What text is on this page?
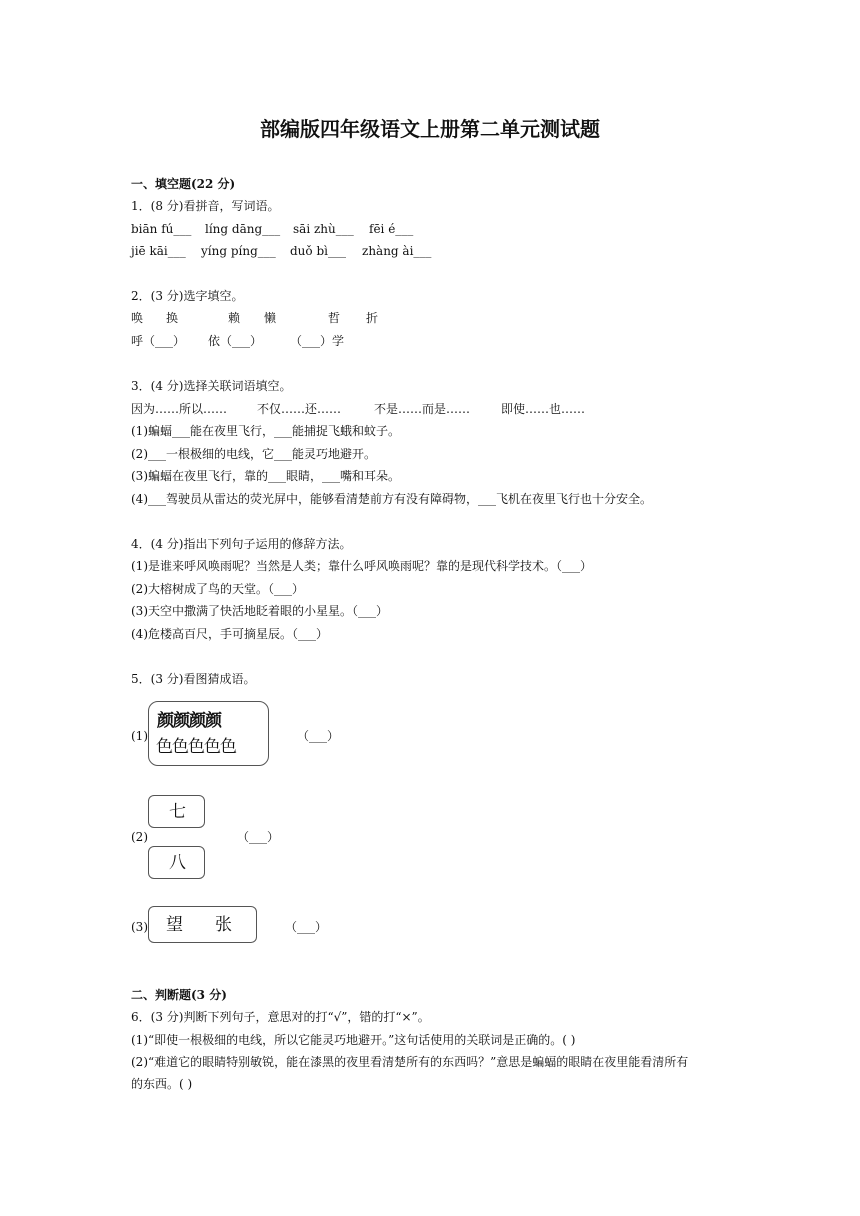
部编版四年级语文上册第二单元测试题
一、填空题(22 分)
1．(8 分)看拼音，写词语。
biān fú___ líng dāng___ sāi zhù___ fēi é___
jiē kāi___ yíng píng___ duǒ bì___ zhàng ài___
2．(3 分)选字填空。
唤 换	赖 懒	哲 折
呼（___） 依（___） （___）学
3．(4 分)选择关联词语填空。
因为……所以…… 不仅……还……	不是……而是……	即使……也……
(1)蝙蝠___能在夜里飞行，___能捕捉飞蛾和蚊子。
(2)___一根极细的电线，它___能灵巧地避开。
(3)蝙蝠在夜里飞行，靠的___眼睛，___嘴和耳朵。
(4)___驾驶员从雷达的荧光屏中，能够看清楚前方有没有障碍物，___飞机在夜里飞行也十分安全。
4．(4 分)指出下列句子运用的修辞方法。
(1)是谁来呼风唤雨呢？当然是人类；靠什么呼风唤雨呢？靠的是现代科学技术。（___）
(2)大榕树成了鸟的天堂。（___）
(3)天空中撒满了快活地眨着眼的小星星。（___）
(4)危楼高百尺，手可摘星辰。（___）
5．(3 分)看图猜成语。
(1)
颜颜颜颜
色色色色色
（___）
七
(2)	（___）
八
(3) 望 张	（___）
二、判断题(3 分)
6．(3 分)判断下列句子，意思对的打“√”，错的打“×”。
(1)“即使一根极细的电线，所以它能灵巧地避开。”这句话使用的关联词是正确的。( )
(2)“难道它的眼睛特别敏锐，能在漆黑的夜里看清楚所有的东西吗？”意思是蝙蝠的眼睛在夜里能看清所有
的东西。( )
